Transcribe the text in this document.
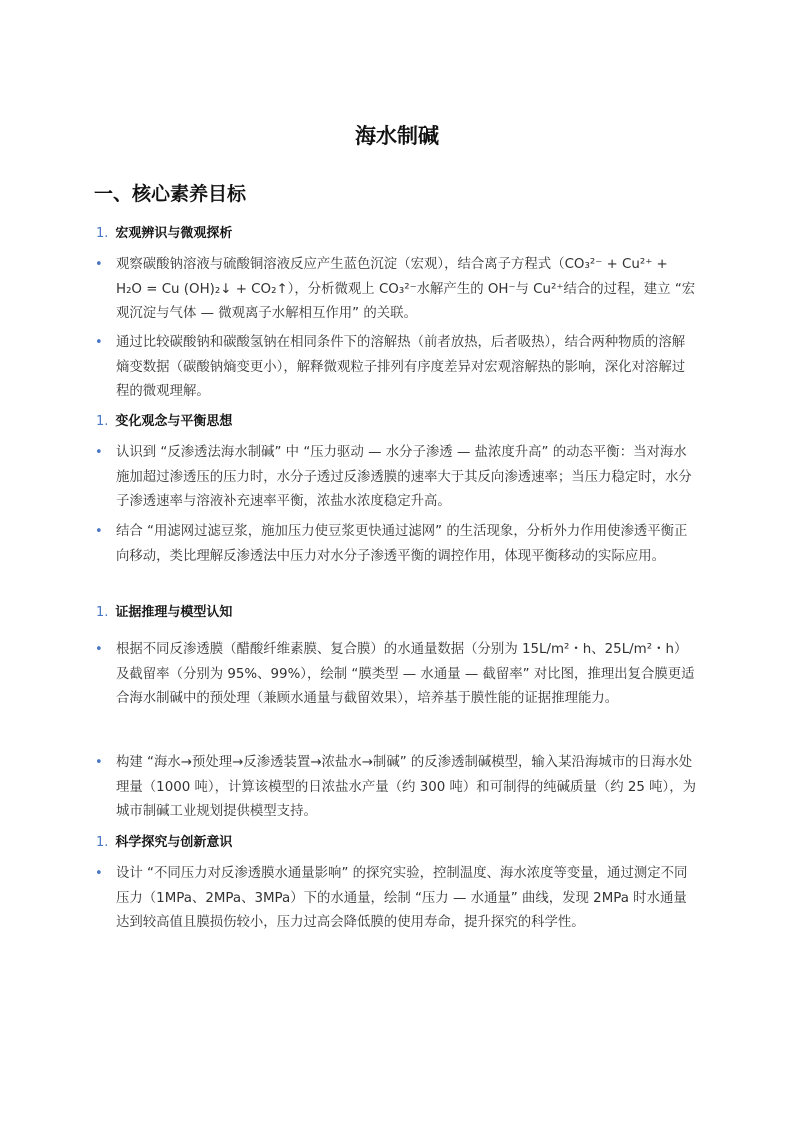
海水制碱
一、核心素养目标
1. 宏观辨识与微观探析
• 观察碳酸钠溶液与硫酸铜溶液反应产生蓝色沉淀（宏观），结合离子方程式（CO₃²⁻ + Cu²⁺ + H₂O = Cu (OH)₂↓ + CO₂↑），分析微观上 CO₃²⁻水解产生的 OH⁻与 Cu²⁺结合的过程，建立 “宏观沉淀与气体 — 微观离子水解相互作用” 的关联。
• 通过比较碳酸钠和碳酸氢钠在相同条件下的溶解热（前者放热，后者吸热），结合两种物质的溶解熵变数据（碳酸钠熵变更小），解释微观粒子排列有序度差异对宏观溶解热的影响，深化对溶解过程的微观理解。
1. 变化观念与平衡思想
• 认识到 “反渗透法海水制碱” 中 “压力驱动 — 水分子渗透 — 盐浓度升高” 的动态平衡：当对海水施加超过渗透压的压力时，水分子透过反渗透膜的速率大于其反向渗透速率；当压力稳定时，水分子渗透速率与溶液补充速率平衡，浓盐水浓度稳定升高。
• 结合 “用滤网过滤豆浆，施加压力使豆浆更快通过滤网” 的生活现象，分析外力作用使渗透平衡正向移动，类比理解反渗透法中压力对水分子渗透平衡的调控作用，体现平衡移动的实际应用。
1. 证据推理与模型认知
• 根据不同反渗透膜（醋酸纤维素膜、复合膜）的水通量数据（分别为 15L/m²・h、25L/m²・h）及截留率（分别为 95%、99%），绘制 “膜类型 — 水通量 — 截留率” 对比图，推理出复合膜更适合海水制碱中的预处理（兼顾水通量与截留效果），培养基于膜性能的证据推理能力。
• 构建 “海水→预处理→反渗透装置→浓盐水→制碱” 的反渗透制碱模型，输入某沿海城市的日海水处理量（1000 吨），计算该模型的日浓盐水产量（约 300 吨）和可制得的纯碱质量（约 25 吨），为城市制碱工业规划提供模型支持。
1. 科学探究与创新意识
• 设计 “不同压力对反渗透膜水通量影响” 的探究实验，控制温度、海水浓度等变量，通过测定不同压力（1MPa、2MPa、3MPa）下的水通量，绘制 “压力 — 水通量” 曲线，发现 2MPa 时水通量达到较高值且膜损伤较小，压力过高会降低膜的使用寿命，提升探究的科学性。
